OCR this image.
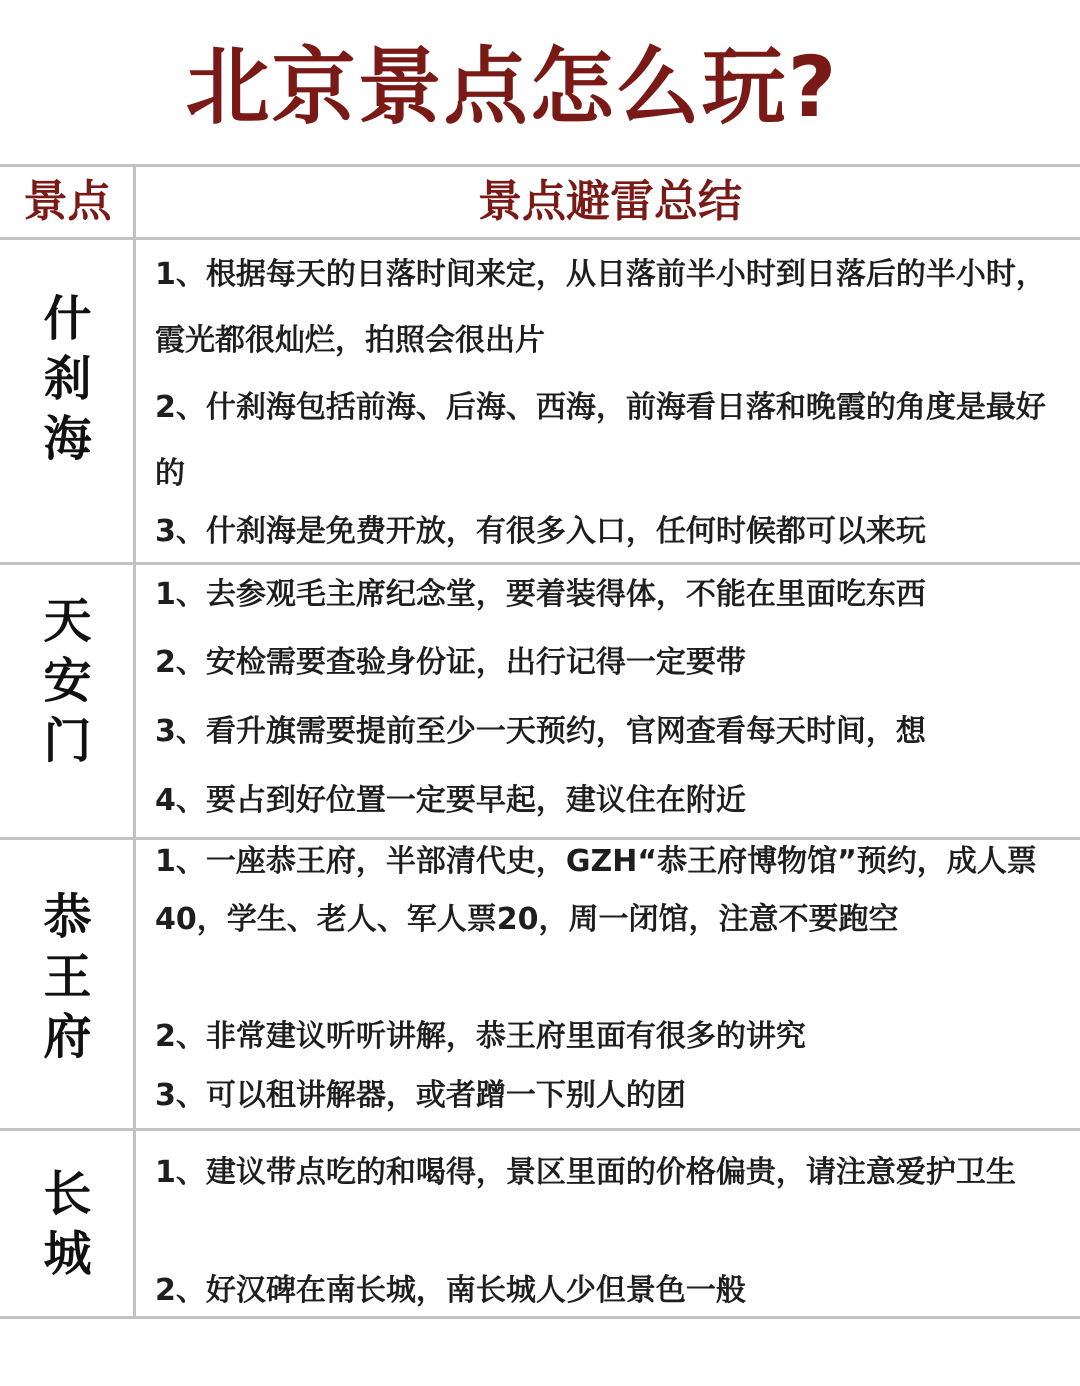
北京景点怎么玩?
景点	景点避雷总结
什
刹
海

1、根据每天的日落时间来定，从日落前半小时到日落后的半小时，霞光都很灿烂，拍照会很出片

2、什刹海包括前海、后海、西海，前海看日落和晚霞的角度是最好的

3、什刹海是免费开放，有很多入口，任何时候都可以来玩

天
安
门

1、去参观毛主席纪念堂，要着装得体，不能在里面吃东西

2、安检需要查验身份证，出行记得一定要带

3、看升旗需要提前至少一天预约，官网查看每天时间，想

4、要占到好位置一定要早起，建议住在附近

恭
王
府

1、一座恭王府，半部清代史，GZH“恭王府博物馆”预约，成人票40，学生、老人、军人票20，周一闭馆，注意不要跑空

2、非常建议听听讲解，恭王府里面有很多的讲究

3、可以租讲解器，或者蹭一下别人的团

长
城

1、建议带点吃的和喝得，景区里面的价格偏贵，请注意爱护卫生

2、好汉碑在南长城，南长城人少但景色一般
